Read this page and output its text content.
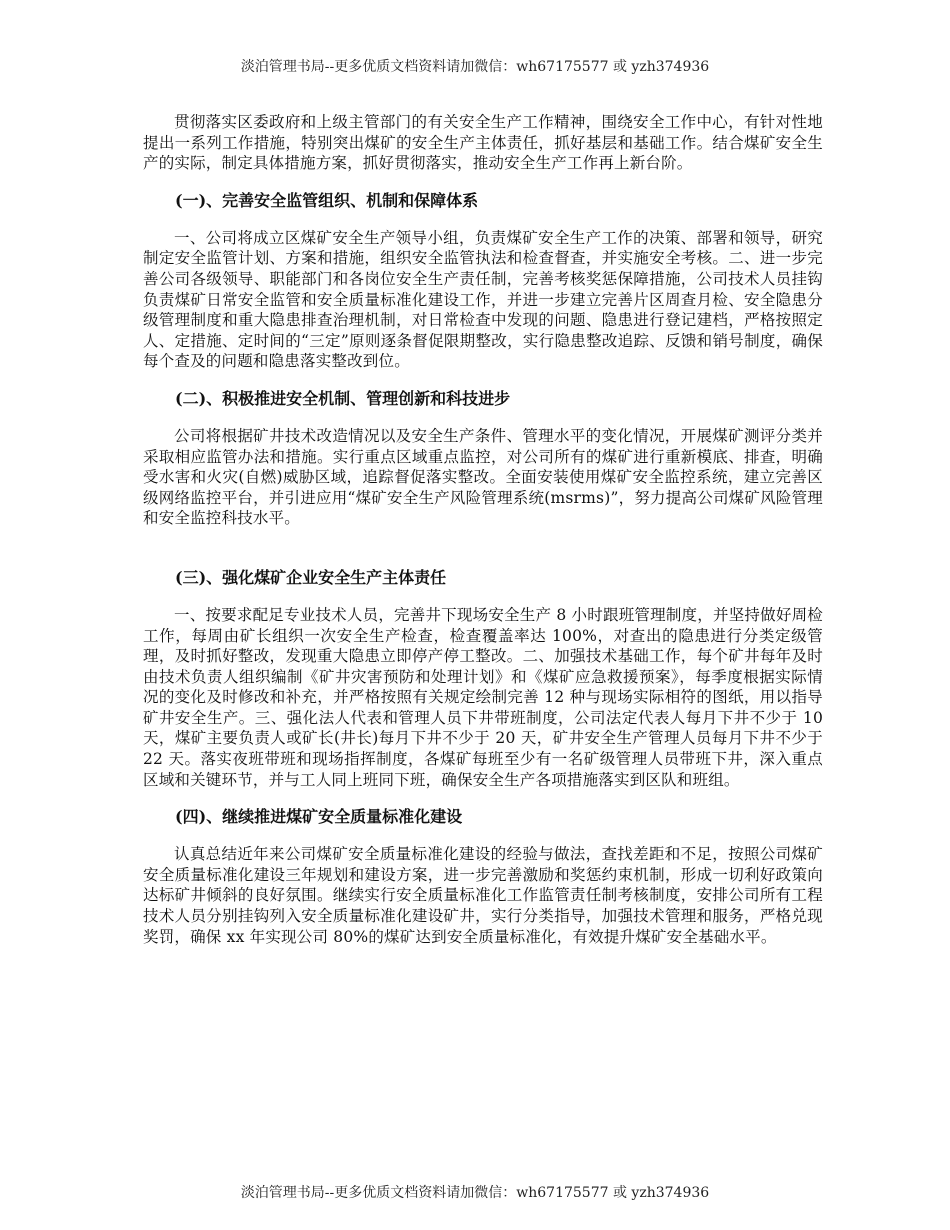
淡泊管理书局--更多优质文档资料请加微信：wh67175577 或 yzh374936

贯彻落实区委政府和上级主管部门的有关安全生产工作精神，围绕安全工作中心，有针对性地提出一系列工作措施，特别突出煤矿的安全生产主体责任，抓好基层和基础工作。结合煤矿安全生产的实际，制定具体措施方案，抓好贯彻落实，推动安全生产工作再上新台阶。

(一)、完善安全监管组织、机制和保障体系

一、公司将成立区煤矿安全生产领导小组，负责煤矿安全生产工作的决策、部署和领导，研究制定安全监管计划、方案和措施，组织安全监管执法和检查督查，并实施安全考核。二、进一步完善公司各级领导、职能部门和各岗位安全生产责任制，完善考核奖惩保障措施，公司技术人员挂钩负责煤矿日常安全监管和安全质量标准化建设工作，并进一步建立完善片区周查月检、安全隐患分级管理制度和重大隐患排查治理机制，对日常检查中发现的问题、隐患进行登记建档，严格按照定人、定措施、定时间的“三定”原则逐条督促限期整改，实行隐患整改追踪、反馈和销号制度，确保每个查及的问题和隐患落实整改到位。

(二)、积极推进安全机制、管理创新和科技进步

公司将根据矿井技术改造情况以及安全生产条件、管理水平的变化情况，开展煤矿测评分类并采取相应监管办法和措施。实行重点区域重点监控，对公司所有的煤矿进行重新模底、排查，明确受水害和火灾(自燃)威胁区域，追踪督促落实整改。全面安装使用煤矿安全监控系统，建立完善区级网络监控平台，并引进应用“煤矿安全生产风险管理系统(msrms)”，努力提高公司煤矿风险管理和安全监控科技水平。

(三)、强化煤矿企业安全生产主体责任

一、按要求配足专业技术人员，完善井下现场安全生产 8 小时跟班管理制度，并坚持做好周检工作，每周由矿长组织一次安全生产检查，检查覆盖率达 100%，对查出的隐患进行分类定级管理，及时抓好整改，发现重大隐患立即停产停工整改。二、加强技术基础工作，每个矿井每年及时由技术负责人组织编制《矿井灾害预防和处理计划》和《煤矿应急救援预案》，每季度根据实际情况的变化及时修改和补充，并严格按照有关规定绘制完善 12 种与现场实际相符的图纸，用以指导矿井安全生产。三、强化法人代表和管理人员下井带班制度，公司法定代表人每月下井不少于 10 天，煤矿主要负责人或矿长(井长)每月下井不少于 20 天，矿井安全生产管理人员每月下井不少于 22 天。落实夜班带班和现场指挥制度，各煤矿每班至少有一名矿级管理人员带班下井，深入重点区域和关键环节，并与工人同上班同下班，确保安全生产各项措施落实到区队和班组。

(四)、继续推进煤矿安全质量标准化建设

认真总结近年来公司煤矿安全质量标准化建设的经验与做法，查找差距和不足，按照公司煤矿安全质量标准化建设三年规划和建设方案，进一步完善激励和奖惩约束机制，形成一切利好政策向达标矿井倾斜的良好氛围。继续实行安全质量标准化工作监管责任制考核制度，安排公司所有工程技术人员分别挂钩列入安全质量标准化建设矿井，实行分类指导，加强技术管理和服务，严格兑现奖罚，确保 xx 年实现公司 80%的煤矿达到安全质量标准化，有效提升煤矿安全基础水平。

淡泊管理书局--更多优质文档资料请加微信：wh67175577 或 yzh374936
